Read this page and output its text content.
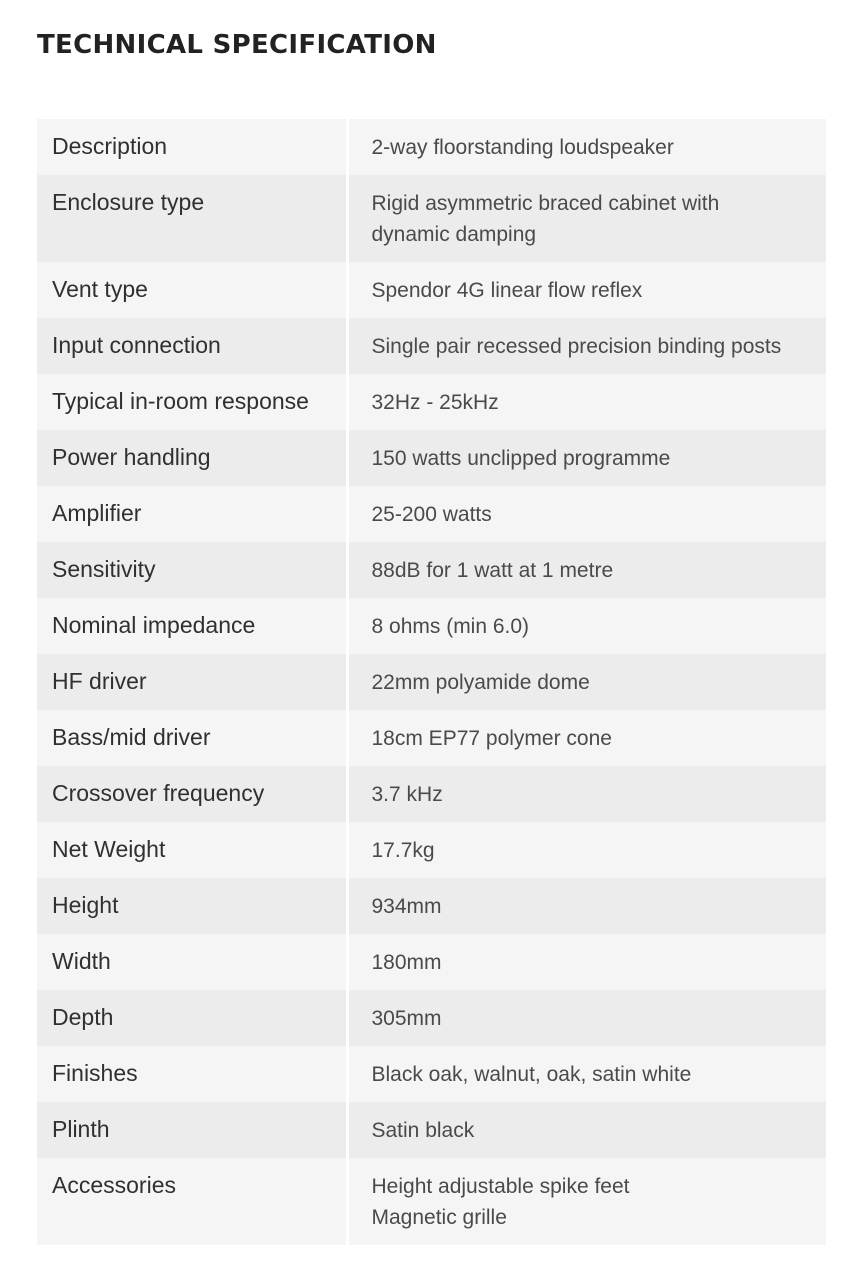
TECHNICAL SPECIFICATION
Description	2-way floorstanding loudspeaker

Enclosure type	Rigid asymmetric braced cabinet with
dynamic damping

Vent type	Spendor 4G linear flow reflex

Input connection	Single pair recessed precision binding posts

Typical in-room response	32Hz - 25kHz

Power handling	150 watts unclipped programme

Amplifier	25-200 watts

Sensitivity	88dB for 1 watt at 1 metre

Nominal impedance	8 ohms (min 6.0)

HF driver	22mm polyamide dome

Bass/mid driver	18cm EP77 polymer cone

Crossover frequency	3.7 kHz

Net Weight	17.7kg

Height	934mm

Width	180mm

Depth	305mm

Finishes	Black oak, walnut, oak, satin white

Plinth	Satin black

Accessories	Height adjustable spike feet
Magnetic grille
